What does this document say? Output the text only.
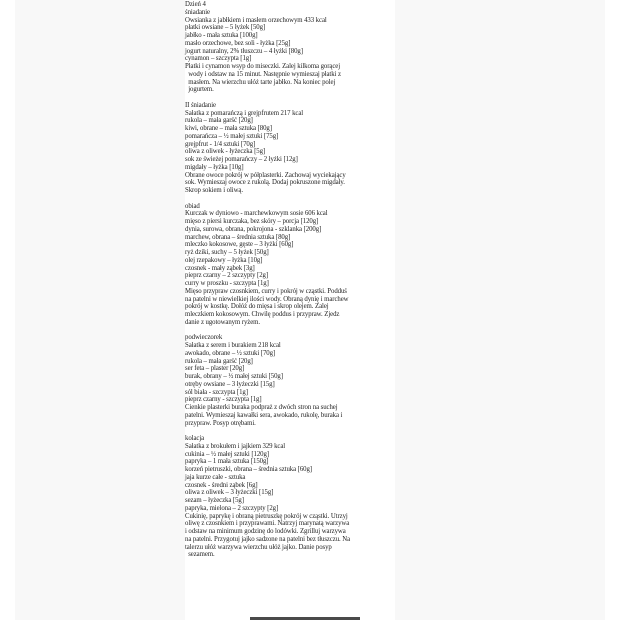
Dzień 4
śniadanie
Owsianka z jabłkiem i masłem orzechowym 433 kcal
płatki owsiane – 5 łyżek [50g]
jabłko - mała sztuka [100g]
masło orzechowe, bez soli - łyżka [25g]
jogurt naturalny, 2% tłuszczu – 4 łyżki [80g]
cynamon – szczypta [1g]
Płatki i cynamon wsyp do miseczki. Zalej kilkoma gorącej
wody i odstaw na 15 minut. Następnie wymieszaj płatki z
masłem. Na wierzchu ułóż tarte jabłko. Na koniec polej
jogurtem.
II śniadanie
Sałatka z pomarańczą i grejpfrutem 217 kcal
rukola – mała garść [20g]
kiwi, obrane – mała sztuka [80g]
pomarańcza – ½ małej sztuki [75g]
grejpfrut - 1/4 sztuki [70g]
oliwa z oliwek - łyżeczka [5g]
sok ze świeżej pomarańczy – 2 łyżki [12g]
migdały – łyżka [10g]
Obrane owoce pokrój w półplasterki. Zachowaj wyciekający
sok. Wymieszaj owoce z rukolą. Dodaj pokruszone migdały.
Skrop sokiem i oliwą.
obiad
Kurczak w dyniowo - marchewkowym sosie 606 kcal
mięso z piersi kurczaka, bez skóry – porcja [120g]
dynia, surowa, obrana, pokrojona - szklanka [200g]
marchew, obrana – średnia sztuka [80g]
mleczko kokosowe, gęste – 3 łyżki [60g]
ryż dziki, suchy – 5 łyżek [50g]
olej rzepakowy – łyżka [10g]
czosnek - mały ząbek [3g]
pieprz czarny – 2 szczypty [2g]
curry w proszku - szczypta [1g]
Mięso przypraw czosnkiem, curry i pokrój w cząstki. Podduś
na patelni w niewielkiej ilości wody. Obraną dynię i marchew
pokrój w kostkę. Dołóż do mięsa i skrop olejem. Zalej
mleczkiem kokosowym. Chwilę poddus i przypraw. Zjedz
danie z ugotowanym ryżem.
podwieczorek
Sałatka z serem i burakiem 218 kcal
awokado, obrane – ½ sztuki [70g]
rukola – mała garść [20g]
ser feta – plaster [20g]
burak, obrany – ½ małej sztuki [50g]
otręby owsiane – 3 łyżeczki [15g]
sól biała - szczypta [1g]
pieprz czarny - szczypta [1g]
Cienkie plasterki buraka podpraż z dwóch stron na suchej
patelni. Wymieszaj kawałki sera, awokado, rukolę, buraka i
przypraw. Posyp otrębami.
kolacja
Sałatka z brokułem i jajkiem 329 kcal
cukinia – ½ małej sztuki [120g]
papryka – 1 mała sztuka [150g]
korzeń pietruszki, obrana – średnia sztuka [60g]
jaja kurze całe - sztuka
czosnek - średni ząbek [6g]
oliwa z oliwek – 3 łyżeczki [15g]
sezam – łyżeczka [5g]
papryka, mielona – 2 szczypty [2g]
Cukinię, paprykę i obraną pietruszkę pokrój w cząstki. Utrzyj
oliwę z czosnkiem i przyprawami. Natrzyj marynatą warzywa
i odstaw na minimum godzinę do lodówki. Zgrilluj warzywa
na patelni. Przygotuj jajko sadzone na patelni bez tłuszczu. Na
talerzu ułóż warzywa wierzchu ułóż jajko. Danie posyp
sezamem.
